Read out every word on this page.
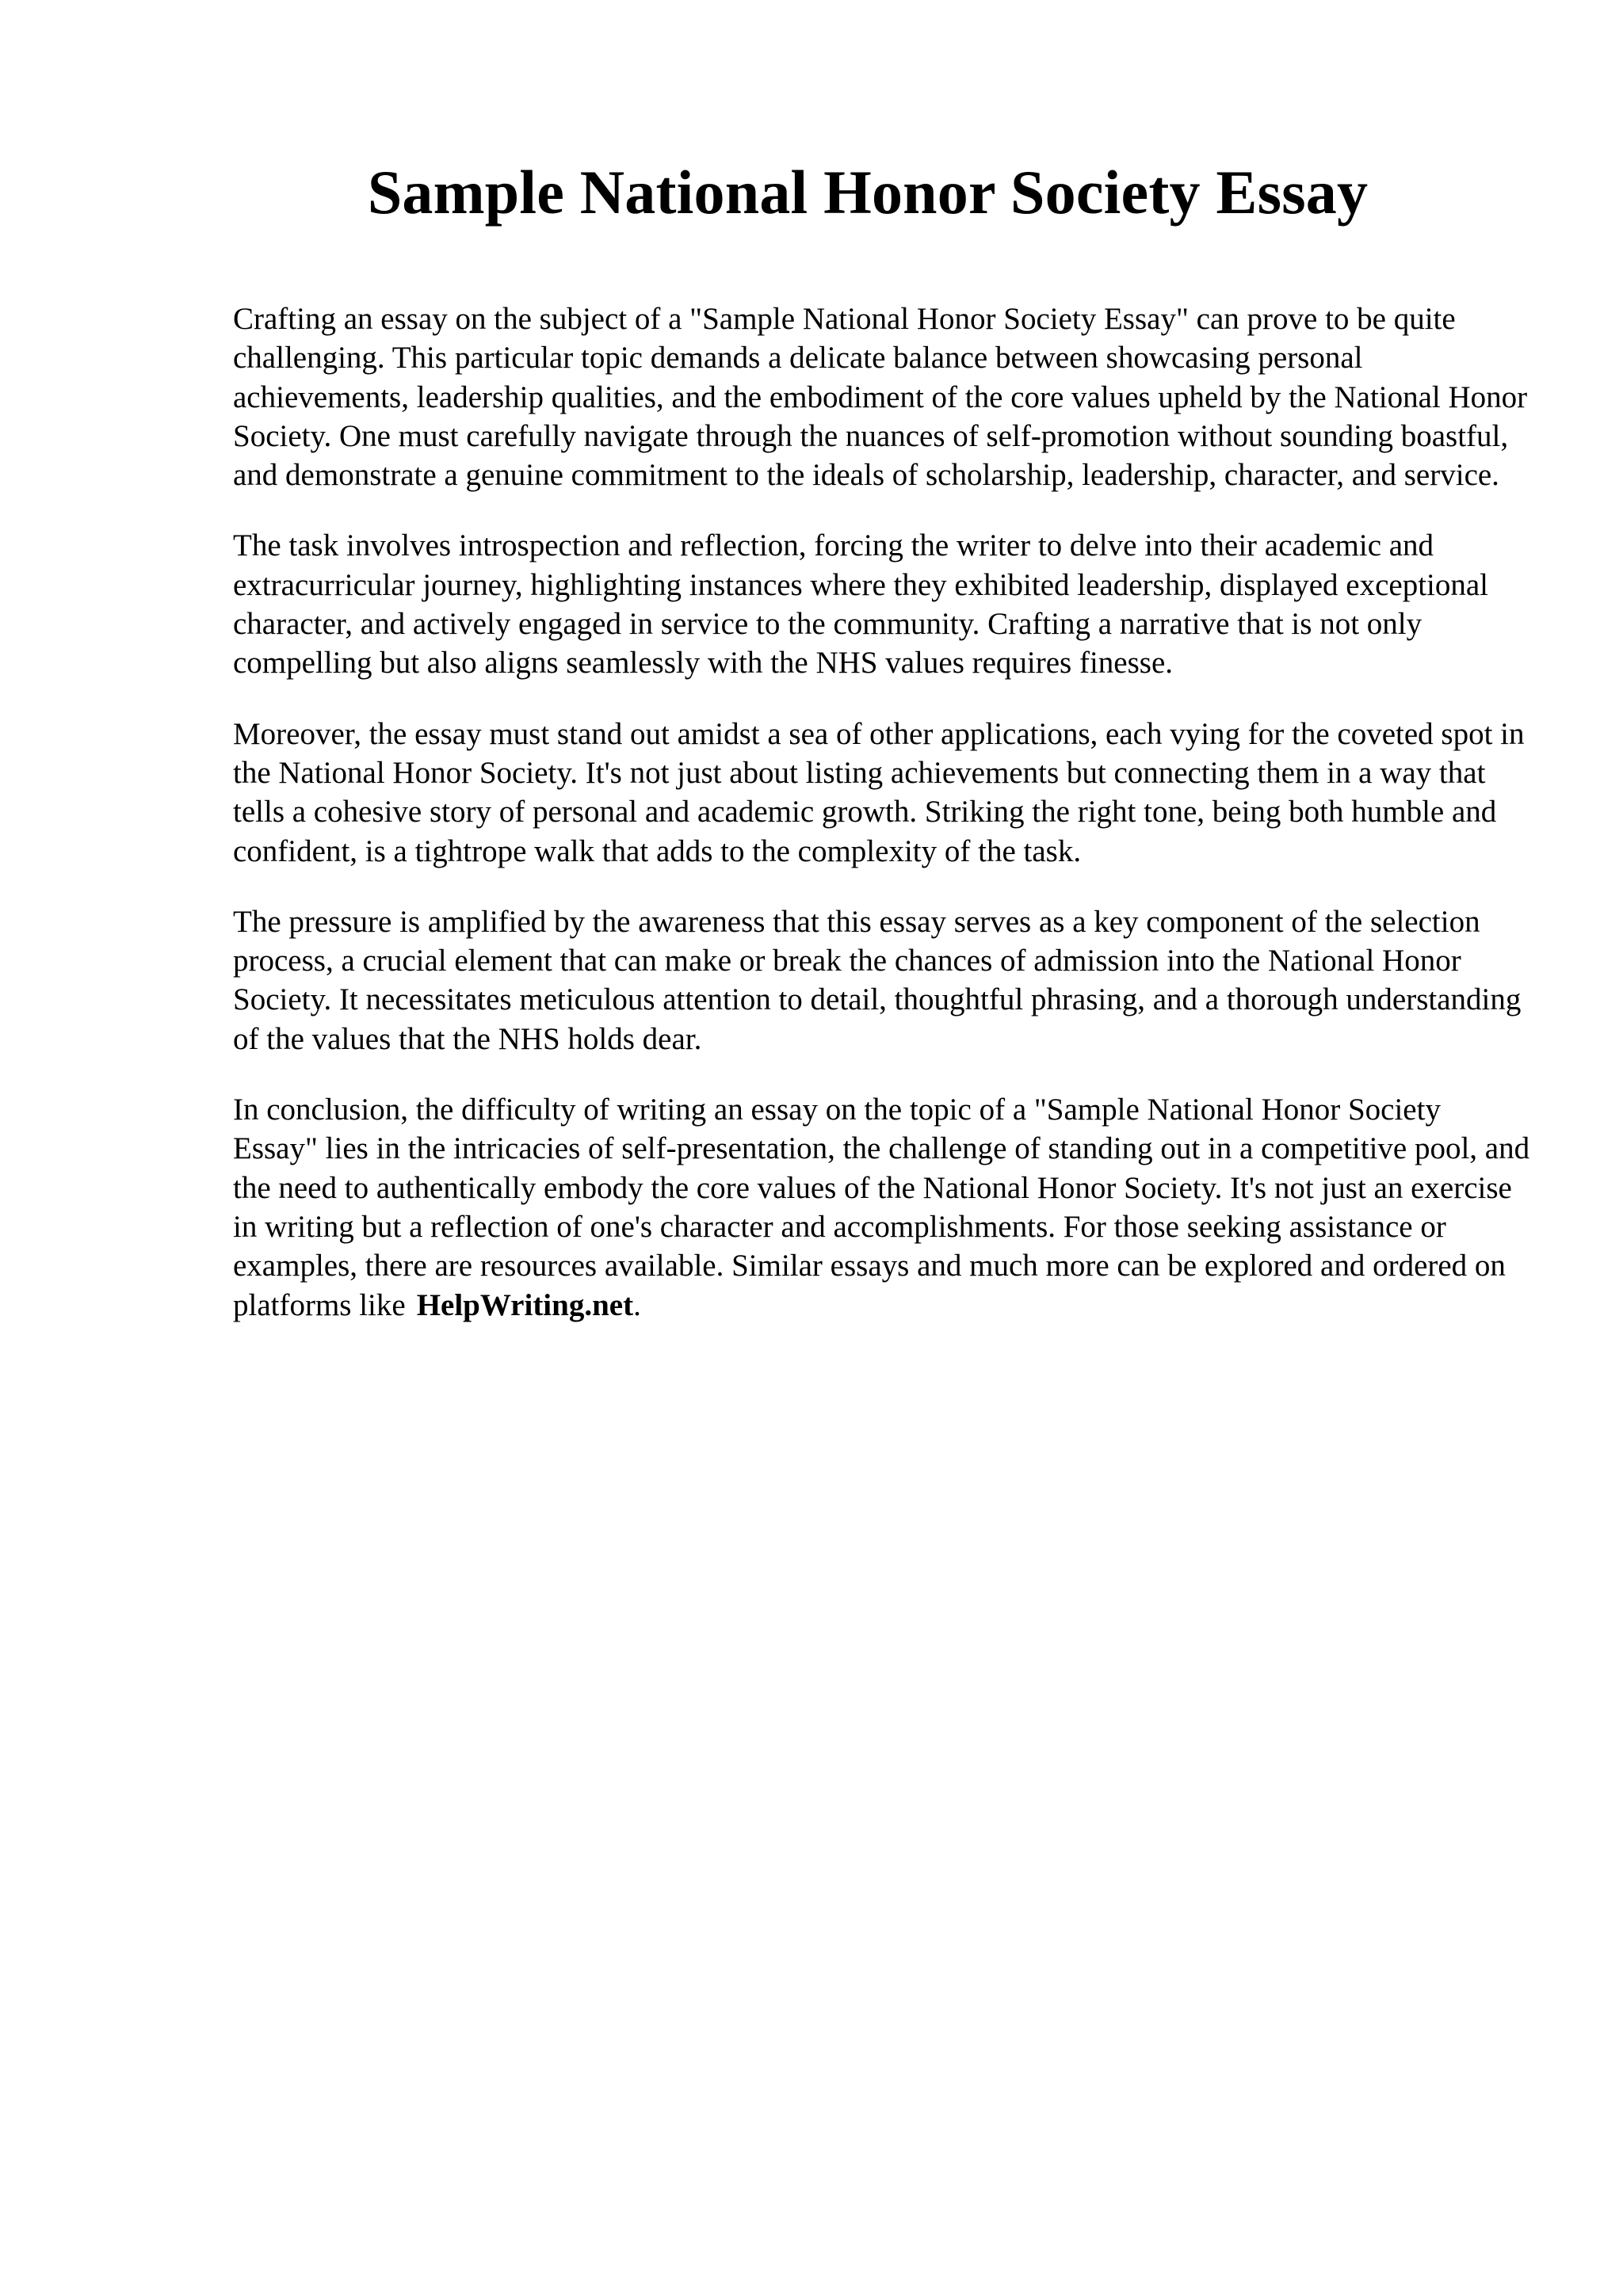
Sample National Honor Society Essay

Crafting an essay on the subject of a "Sample National Honor Society Essay" can prove to be quite challenging. This particular topic demands a delicate balance between showcasing personal achievements, leadership qualities, and the embodiment of the core values upheld by the National Honor Society. One must carefully navigate through the nuances of self-promotion without sounding boastful, and demonstrate a genuine commitment to the ideals of scholarship, leadership, character, and service.

The task involves introspection and reflection, forcing the writer to delve into their academic and extracurricular journey, highlighting instances where they exhibited leadership, displayed exceptional character, and actively engaged in service to the community. Crafting a narrative that is not only compelling but also aligns seamlessly with the NHS values requires finesse.

Moreover, the essay must stand out amidst a sea of other applications, each vying for the coveted spot in the National Honor Society. It's not just about listing achievements but connecting them in a way that tells a cohesive story of personal and academic growth. Striking the right tone, being both humble and confident, is a tightrope walk that adds to the complexity of the task.

The pressure is amplified by the awareness that this essay serves as a key component of the selection process, a crucial element that can make or break the chances of admission into the National Honor Society. It necessitates meticulous attention to detail, thoughtful phrasing, and a thorough understanding of the values that the NHS holds dear.

In conclusion, the difficulty of writing an essay on the topic of a "Sample National Honor Society Essay" lies in the intricacies of self-presentation, the challenge of standing out in a competitive pool, and the need to authentically embody the core values of the National Honor Society. It's not just an exercise in writing but a reflection of one's character and accomplishments. For those seeking assistance or examples, there are resources available. Similar essays and much more can be explored and ordered on platforms like HelpWriting.net.
